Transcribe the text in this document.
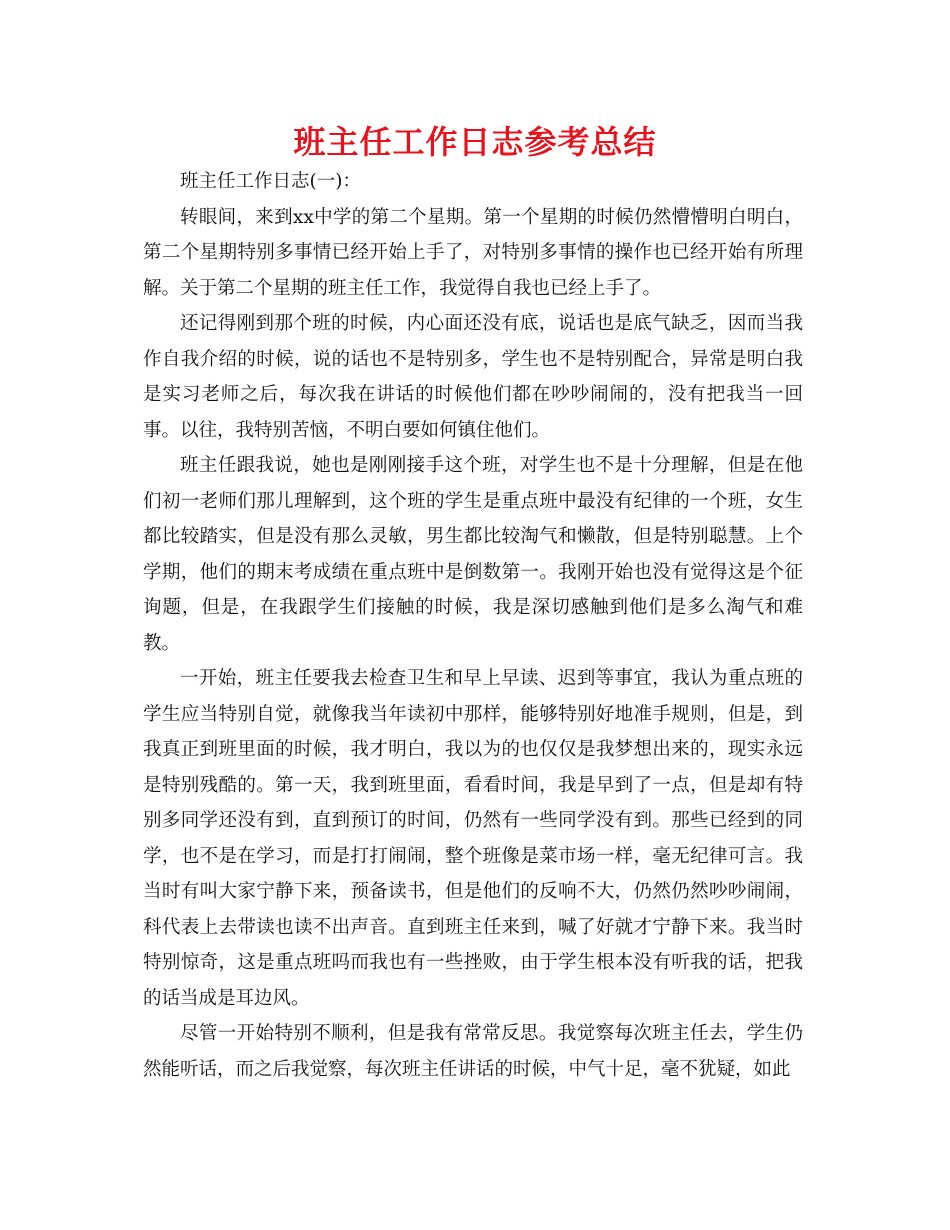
班主任工作日志参考总结

班主任工作日志(一)：

转眼间，来到xx中学的第二个星期。第一个星期的时候仍然懵懵明白明白，第二个星期特别多事情已经开始上手了，对特别多事情的操作也已经开始有所理解。关于第二个星期的班主任工作，我觉得自我也已经上手了。

还记得刚到那个班的时候，内心面还没有底，说话也是底气缺乏，因而当我作自我介绍的时候，说的话也不是特别多，学生也不是特别配合，异常是明白我是实习老师之后，每次我在讲话的时候他们都在吵吵闹闹的，没有把我当一回事。以往，我特别苦恼，不明白要如何镇住他们。

班主任跟我说，她也是刚刚接手这个班，对学生也不是十分理解，但是在他们初一老师们那儿理解到，这个班的学生是重点班中最没有纪律的一个班，女生都比较踏实，但是没有那么灵敏，男生都比较淘气和懒散，但是特别聪慧。上个学期，他们的期末考成绩在重点班中是倒数第一。我刚开始也没有觉得这是个征询题，但是，在我跟学生们接触的时候，我是深切感触到他们是多么淘气和难教。

一开始，班主任要我去检查卫生和早上早读、迟到等事宜，我认为重点班的学生应当特别自觉，就像我当年读初中那样，能够特别好地准手规则，但是，到我真正到班里面的时候，我才明白，我以为的也仅仅是我梦想出来的，现实永远是特别残酷的。第一天，我到班里面，看看时间，我是早到了一点，但是却有特别多同学还没有到，直到预订的时间，仍然有一些同学没有到。那些已经到的同学，也不是在学习，而是打打闹闹，整个班像是菜市场一样，毫无纪律可言。我当时有叫大家宁静下来，预备读书，但是他们的反响不大，仍然仍然吵吵闹闹，科代表上去带读也读不出声音。直到班主任来到，喊了好就才宁静下来。我当时特别惊奇，这是重点班吗而我也有一些挫败，由于学生根本没有听我的话，把我的话当成是耳边风。

尽管一开始特别不顺利，但是我有常常反思。我觉察每次班主任去，学生仍然能听话，而之后我觉察，每次班主任讲话的时候，中气十足，毫不犹疑，如此
